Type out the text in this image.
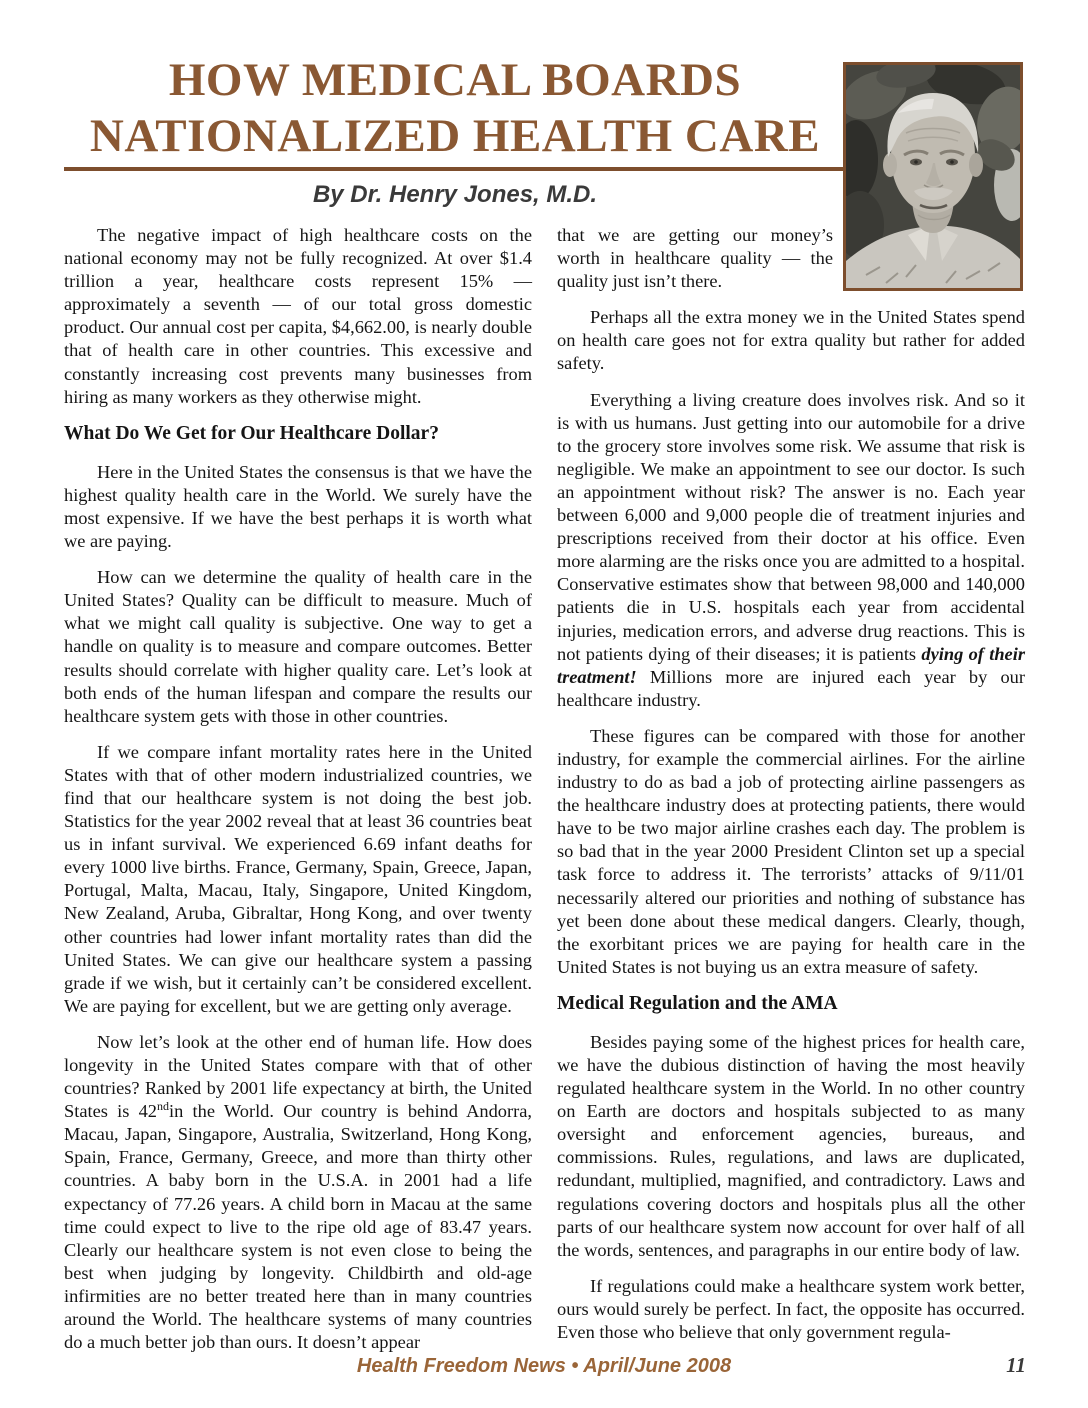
HOW MEDICAL BOARDS
NATIONALIZED HEALTH CARE
By Dr. Henry Jones, M.D.

The negative impact of high healthcare costs on the national economy may not be fully recognized. At over $1.4 trillion a year, healthcare costs represent 15% — approximately a seventh — of our total gross domestic product. Our annual cost per capita, $4,662.00, is nearly double that of health care in other countries. This excessive and constantly increasing cost prevents many businesses from hiring as many workers as they otherwise might.

What Do We Get for Our Healthcare Dollar?

Here in the United States the consensus is that we have the highest quality health care in the World. We surely have the most expensive. If we have the best perhaps it is worth what we are paying.

How can we determine the quality of health care in the United States? Quality can be difficult to measure. Much of what we might call quality is subjective. One way to get a handle on quality is to measure and compare outcomes. Better results should correlate with higher quality care. Let’s look at both ends of the human lifespan and compare the results our healthcare system gets with those in other countries.

If we compare infant mortality rates here in the United States with that of other modern industrialized countries, we find that our healthcare system is not doing the best job. Statistics for the year 2002 reveal that at least 36 countries beat us in infant survival. We experienced 6.69 infant deaths for every 1000 live births. France, Germany, Spain, Greece, Japan, Portugal, Malta, Macau, Italy, Singapore, United Kingdom, New Zealand, Aruba, Gibraltar, Hong Kong, and over twenty other countries had lower infant mortality rates than did the United States. We can give our healthcare system a passing grade if we wish, but it certainly can’t be considered excellent. We are paying for excellent, but we are getting only average.

Now let’s look at the other end of human life. How does longevity in the United States compare with that of other countries? Ranked by 2001 life expectancy at birth, the United States is 42ndin the World. Our country is behind Andorra, Macau, Japan, Singapore, Australia, Switzerland, Hong Kong, Spain, France, Germany, Greece, and more than thirty other countries. A baby born in the U.S.A. in 2001 had a life expectancy of 77.26 years. A child born in Macau at the same time could expect to live to the ripe old age of 83.47 years. Clearly our healthcare system is not even close to being the best when judging by longevity. Childbirth and old-age infirmities are no better treated here than in many countries around the World. The healthcare systems of many countries do a much better job than ours. It doesn’t appear

that we are getting our money’s worth in healthcare quality — the quality just isn’t there.

Perhaps all the extra money we in the United States spend on health care goes not for extra quality but rather for added safety.

Everything a living creature does involves risk. And so it is with us humans. Just getting into our automobile for a drive to the grocery store involves some risk. We assume that risk is negligible. We make an appointment to see our doctor. Is such an appointment without risk? The answer is no. Each year between 6,000 and 9,000 people die of treatment injuries and prescriptions received from their doctor at his office. Even more alarming are the risks once you are admitted to a hospital. Conservative estimates show that between 98,000 and 140,000 patients die in U.S. hospitals each year from accidental injuries, medication errors, and adverse drug reactions. This is not patients dying of their diseases; it is patients dying of their treatment! Millions more are injured each year by our healthcare industry.

These figures can be compared with those for another industry, for example the commercial airlines. For the airline industry to do as bad a job of protecting airline passengers as the healthcare industry does at protecting patients, there would have to be two major airline crashes each day. The problem is so bad that in the year 2000 President Clinton set up a special task force to address it. The terrorists’ attacks of 9/11/01 necessarily altered our priorities and nothing of substance has yet been done about these medical dangers. Clearly, though, the exorbitant prices we are paying for health care in the United States is not buying us an extra measure of safety.

Medical Regulation and the AMA

Besides paying some of the highest prices for health care, we have the dubious distinction of having the most heavily regulated healthcare system in the World. In no other country on Earth are doctors and hospitals subjected to as many oversight and enforcement agencies, bureaus, and commissions. Rules, regulations, and laws are duplicated, redundant, multiplied, magnified, and contradictory. Laws and regulations covering doctors and hospitals plus all the other parts of our healthcare system now account for over half of all the words, sentences, and paragraphs in our entire body of law.

If regulations could make a healthcare system work better, ours would surely be perfect. In fact, the opposite has occurred. Even those who believe that only government regula-

Health Freedom News • April/June 2008	11
